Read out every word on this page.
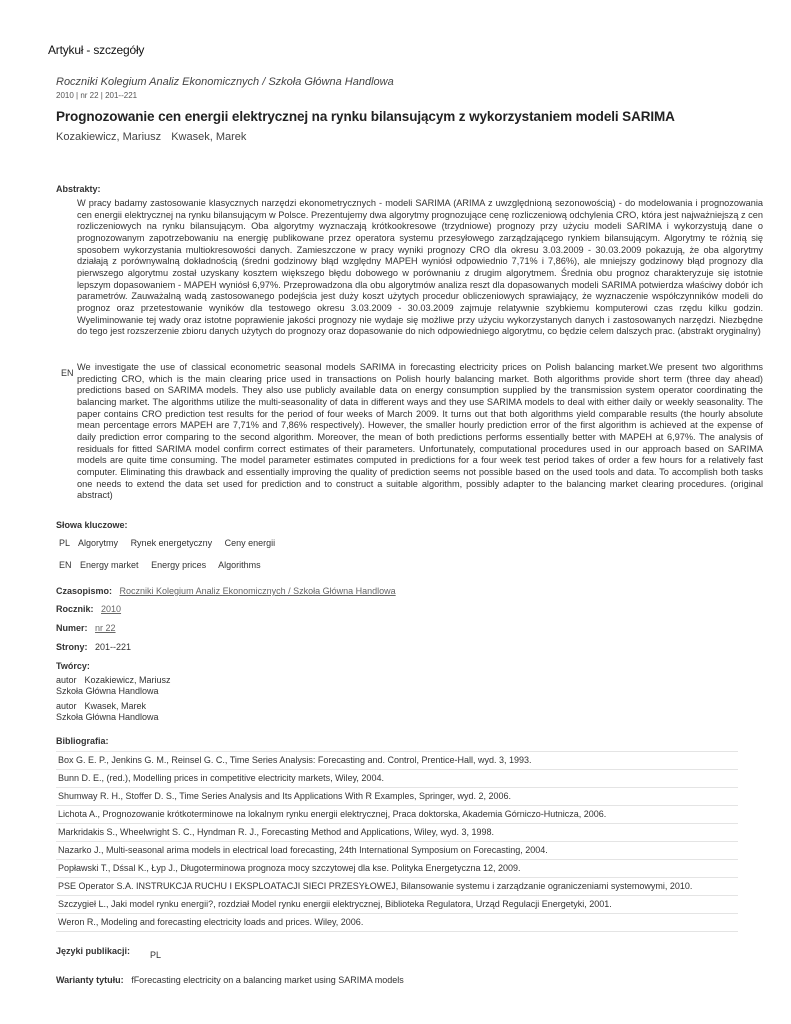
Artykuł - szczegóły
Roczniki Kolegium Analiz Ekonomicznych / Szkoła Główna Handlowa
2010 | nr 22 | 201--221
Prognozowanie cen energii elektrycznej na rynku bilansującym z wykorzystaniem modeli SARIMA
Kozakiewicz, Mariusz Kwasek, Marek
Abstrakty:
W pracy badamy zastosowanie klasycznych narzędzi ekonometrycznych - modeli SARIMA (ARIMA z uwzględnioną sezonowością) - do modelowania i prognozowania cen energii elektrycznej na rynku bilansującym w Polsce. Prezentujemy dwa algorytmy prognozujące cenę rozliczeniową odchylenia CRO, która jest najważniejszą z cen rozliczeniowych na rynku bilansującym. Oba algorytmy wyznaczają krótkookresowe (trzydniowe) prognozy przy użyciu modeli SARIMA i wykorzystują dane o prognozowanym zapotrzebowaniu na energię publikowane przez operatora systemu przesyłowego zarządzającego rynkiem bilansującym. Algorytmy te różnią się sposobem wykorzystania multiokresowości danych. Zamieszczone w pracy wyniki prognozy CRO dla okresu 3.03.2009 - 30.03.2009 pokazują, że oba algorytmy działają z porównywalną dokładnością (średni godzinowy błąd względny MAPEH wyniósł odpowiednio 7,71% i 7,86%), ale mniejszy godzinowy błąd prognozy dla pierwszego algorytmu został uzyskany kosztem większego błędu dobowego w porównaniu z drugim algorytmem. Średnia obu prognoz charakteryzuje się istotnie lepszym dopasowaniem - MAPEH wyniósł 6,97%. Przeprowadzona dla obu algorytmów analiza reszt dla dopasowanych modeli SARIMA potwierdza właściwy dobór ich parametrów. Zauważalną wadą zastosowanego podejścia jest duży koszt użytych procedur obliczeniowych sprawiający, że wyznaczenie współczynników modeli do prognoz oraz przetestowanie wyników dla testowego okresu 3.03.2009 - 30.03.2009 zajmuje relatywnie szybkiemu komputerowi czas rzędu kilku godzin. Wyeliminowanie tej wady oraz istotne poprawienie jakości prognozy nie wydaje się możliwe przy użyciu wykorzystanych danych i zastosowanych narzędzi. Niezbędne do tego jest rozszerzenie zbioru danych użytych do prognozy oraz dopasowanie do nich odpowiedniego algorytmu, co będzie celem dalszych prac. (abstrakt oryginalny)
EN
We investigate the use of classical econometric seasonal models SARIMA in forecasting electricity prices on Polish balancing market.We present two algorithms predicting CRO, which is the main clearing price used in transactions on Polish hourly balancing market. Both algorithms provide short term (three day ahead) predictions based on SARIMA models. They also use publicly available data on energy consumption supplied by the transmission system operator coordinating the balancing market. The algorithms utilize the multi-seasonality of data in different ways and they use SARIMA models to deal with either daily or weekly seasonality. The paper contains CRO prediction test results for the period of four weeks of March 2009. It turns out that both algorithms yield comparable results (the hourly absolute mean percentage errors MAPEH are 7,71% and 7,86% respectively). However, the smaller hourly prediction error of the first algorithm is achieved at the expense of daily prediction error comparing to the second algorithm. Moreover, the mean of both predictions performs essentially better with MAPEH at 6,97%. The analysis of residuals for fitted SARIMA model confirm correct estimates of their parameters. Unfortunately, computational procedures used in our approach based on SARIMA models are quite time consuming. The model parameter estimates computed in predictions for a four week test period takes of order a few hours for a relatively fast computer. Eliminating this drawback and essentially improving the quality of prediction seems not possible based on the used tools and data. To accomplish both tasks one needs to extend the data set used for prediction and to construct a suitable algorithm, possibly adapter to the balancing market clearing procedures. (original abstract)
Słowa kluczowe:
PL Algorytmy Rynek energetyczny Ceny energii
EN Energy market Energy prices Algorithms
Czasopismo: Roczniki Kolegium Analiz Ekonomicznych / Szkoła Główna Handlowa
Rocznik: 2010
Numer: nr 22
Strony: 201--221
Twórcy:
autor Kozakiewicz, Mariusz
Szkoła Główna Handlowa
autor Kwasek, Marek
Szkoła Główna Handlowa
Bibliografia:
Box G. E. P., Jenkins G. M., Reinsel G. C., Time Series Analysis: Forecasting and. Control, Prentice-Hall, wyd. 3, 1993.
Bunn D. E., (red.), Modelling prices in competitive electricity markets, Wiley, 2004.
Shumway R. H., Stoffer D. S., Time Series Analysis and Its Applications With R Examples, Springer, wyd. 2, 2006.
Lichota A., Prognozowanie krótkoterminowe na lokalnym rynku energii elektrycznej, Praca doktorska, Akademia Górniczo-Hutnicza, 2006.
Markridakis S., Wheelwright S. C., Hyndman R. J., Forecasting Method and Applications, Wiley, wyd. 3, 1998.
Nazarko J., Multi-seasonal arima models in electrical load forecasting, 24th International Symposium on Forecasting, 2004.
Popławski T., Dśsal K., Łyp J., Długoterminowa prognoza mocy szczytowej dla kse. Polityka Energetyczna 12, 2009.
PSE Operator S.A. INSTRUKCJA RUCHU I EKSPLOATACJI SIECI PRZESYŁOWEJ, Bilansowanie systemu i zarządzanie ograniczeniami systemowymi, 2010.
Szczygieł L., Jaki model rynku energii?, rozdział Model rynku energii elektrycznej, Biblioteka Regulatora, Urząd Regulacji Energetyki, 2001.
Weron R., Modeling and forecasting electricity loads and prices. Wiley, 2006.
Języki publikacji: PL
Warianty tytułu: fForecasting electricity on a balancing market using SARIMA models
